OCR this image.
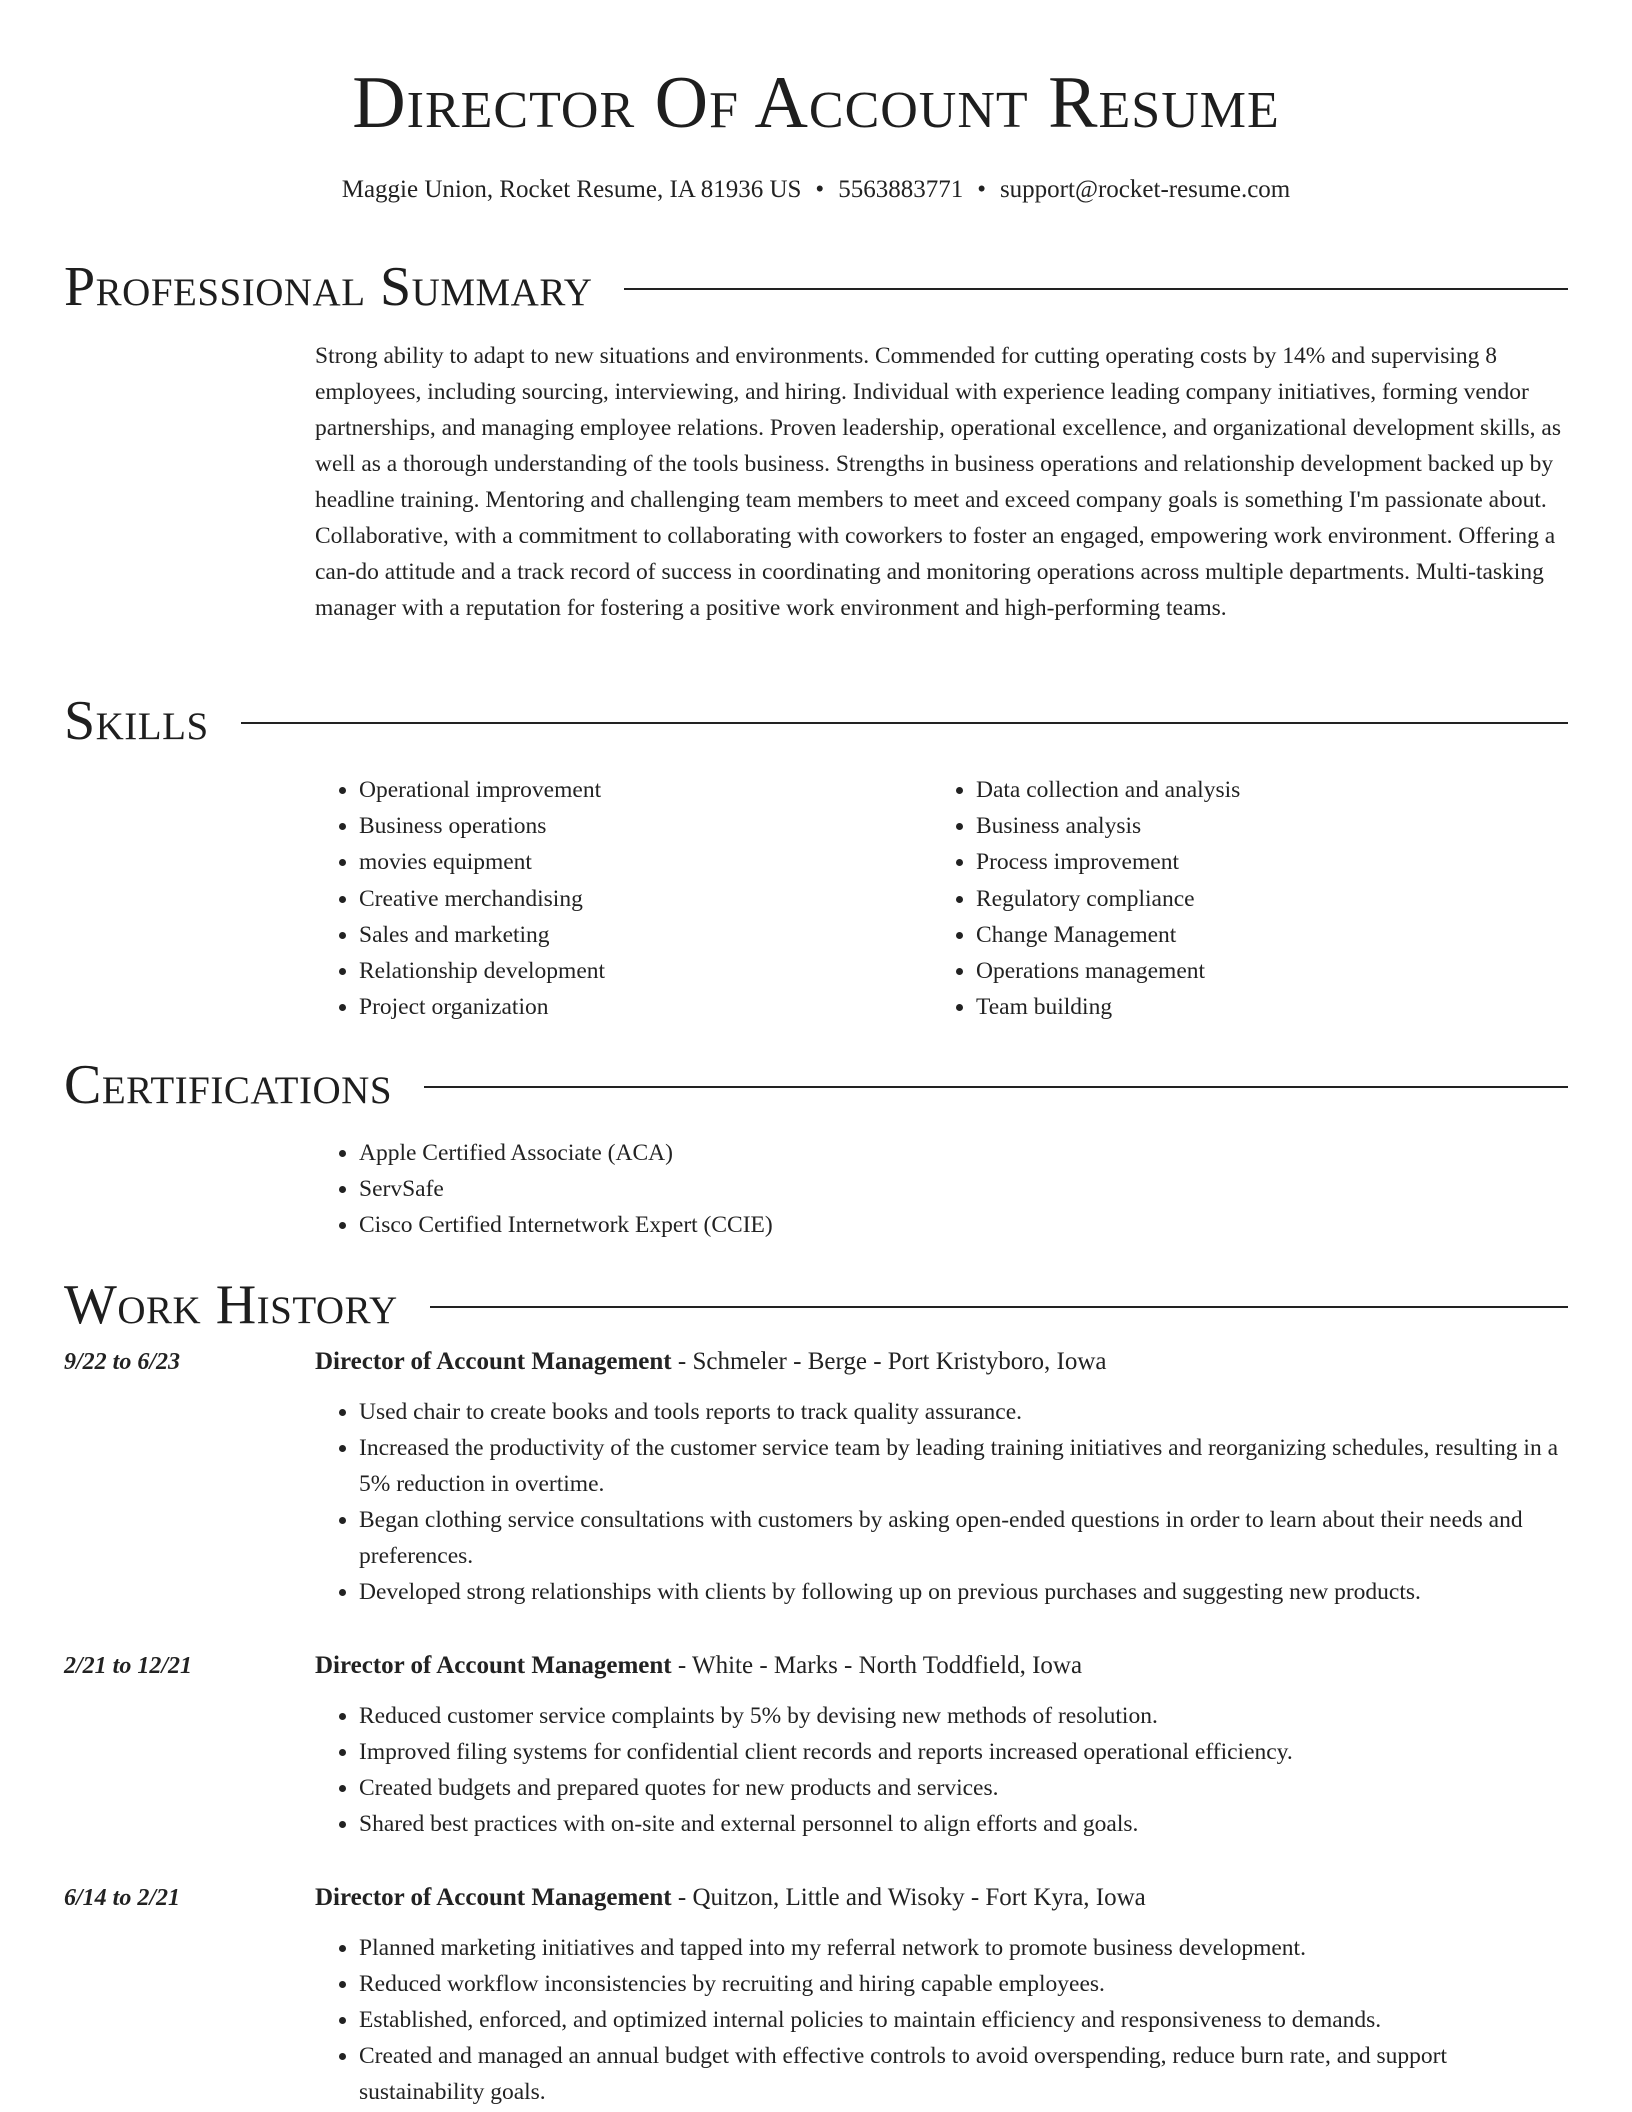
Director Of Account Resume
Maggie Union, Rocket Resume, IA 81936 US • 5563883771 • support@rocket-resume.com
Professional Summary

Strong ability to adapt to new situations and environments. Commended for cutting operating costs by 14% and supervising 8 employees, including sourcing, interviewing, and hiring. Individual with experience leading company initiatives, forming vendor partnerships, and managing employee relations. Proven leadership, operational excellence, and organizational development skills, as well as a thorough understanding of the tools business. Strengths in business operations and relationship development backed up by headline training. Mentoring and challenging team members to meet and exceed company goals is something I'm passionate about. Collaborative, with a commitment to collaborating with coworkers to foster an engaged, empowering work environment. Offering a can-do attitude and a track record of success in coordinating and monitoring operations across multiple departments. Multi-tasking manager with a reputation for fostering a positive work environment and high-performing teams.

Skills
• Operational improvement
• Business operations
• movies equipment
• Creative merchandising
• Sales and marketing
• Relationship development
• Project organization
• Data collection and analysis
• Business analysis
• Process improvement
• Regulatory compliance
• Change Management
• Operations management
• Team building
Certifications
• Apple Certified Associate (ACA)
• ServSafe
• Cisco Certified Internetwork Expert (CCIE)
Work History
9/22 to 6/23	Director of Account Management - Schmeler - Berge - Port Kristyboro, Iowa
• Used chair to create books and tools reports to track quality assurance.
• Increased the productivity of the customer service team by leading training initiatives and reorganizing schedules, resulting in a 5% reduction in overtime.
• Began clothing service consultations with customers by asking open-ended questions in order to learn about their needs and preferences.
• Developed strong relationships with clients by following up on previous purchases and suggesting new products.
2/21 to 12/21	Director of Account Management - White - Marks - North Toddfield, Iowa
• Reduced customer service complaints by 5% by devising new methods of resolution.
• Improved filing systems for confidential client records and reports increased operational efficiency.
• Created budgets and prepared quotes for new products and services.
• Shared best practices with on-site and external personnel to align efforts and goals.
6/14 to 2/21	Director of Account Management - Quitzon, Little and Wisoky - Fort Kyra, Iowa
• Planned marketing initiatives and tapped into my referral network to promote business development.
• Reduced workflow inconsistencies by recruiting and hiring capable employees.
• Established, enforced, and optimized internal policies to maintain efficiency and responsiveness to demands.
• Created and managed an annual budget with effective controls to avoid overspending, reduce burn rate, and support sustainability goals.
